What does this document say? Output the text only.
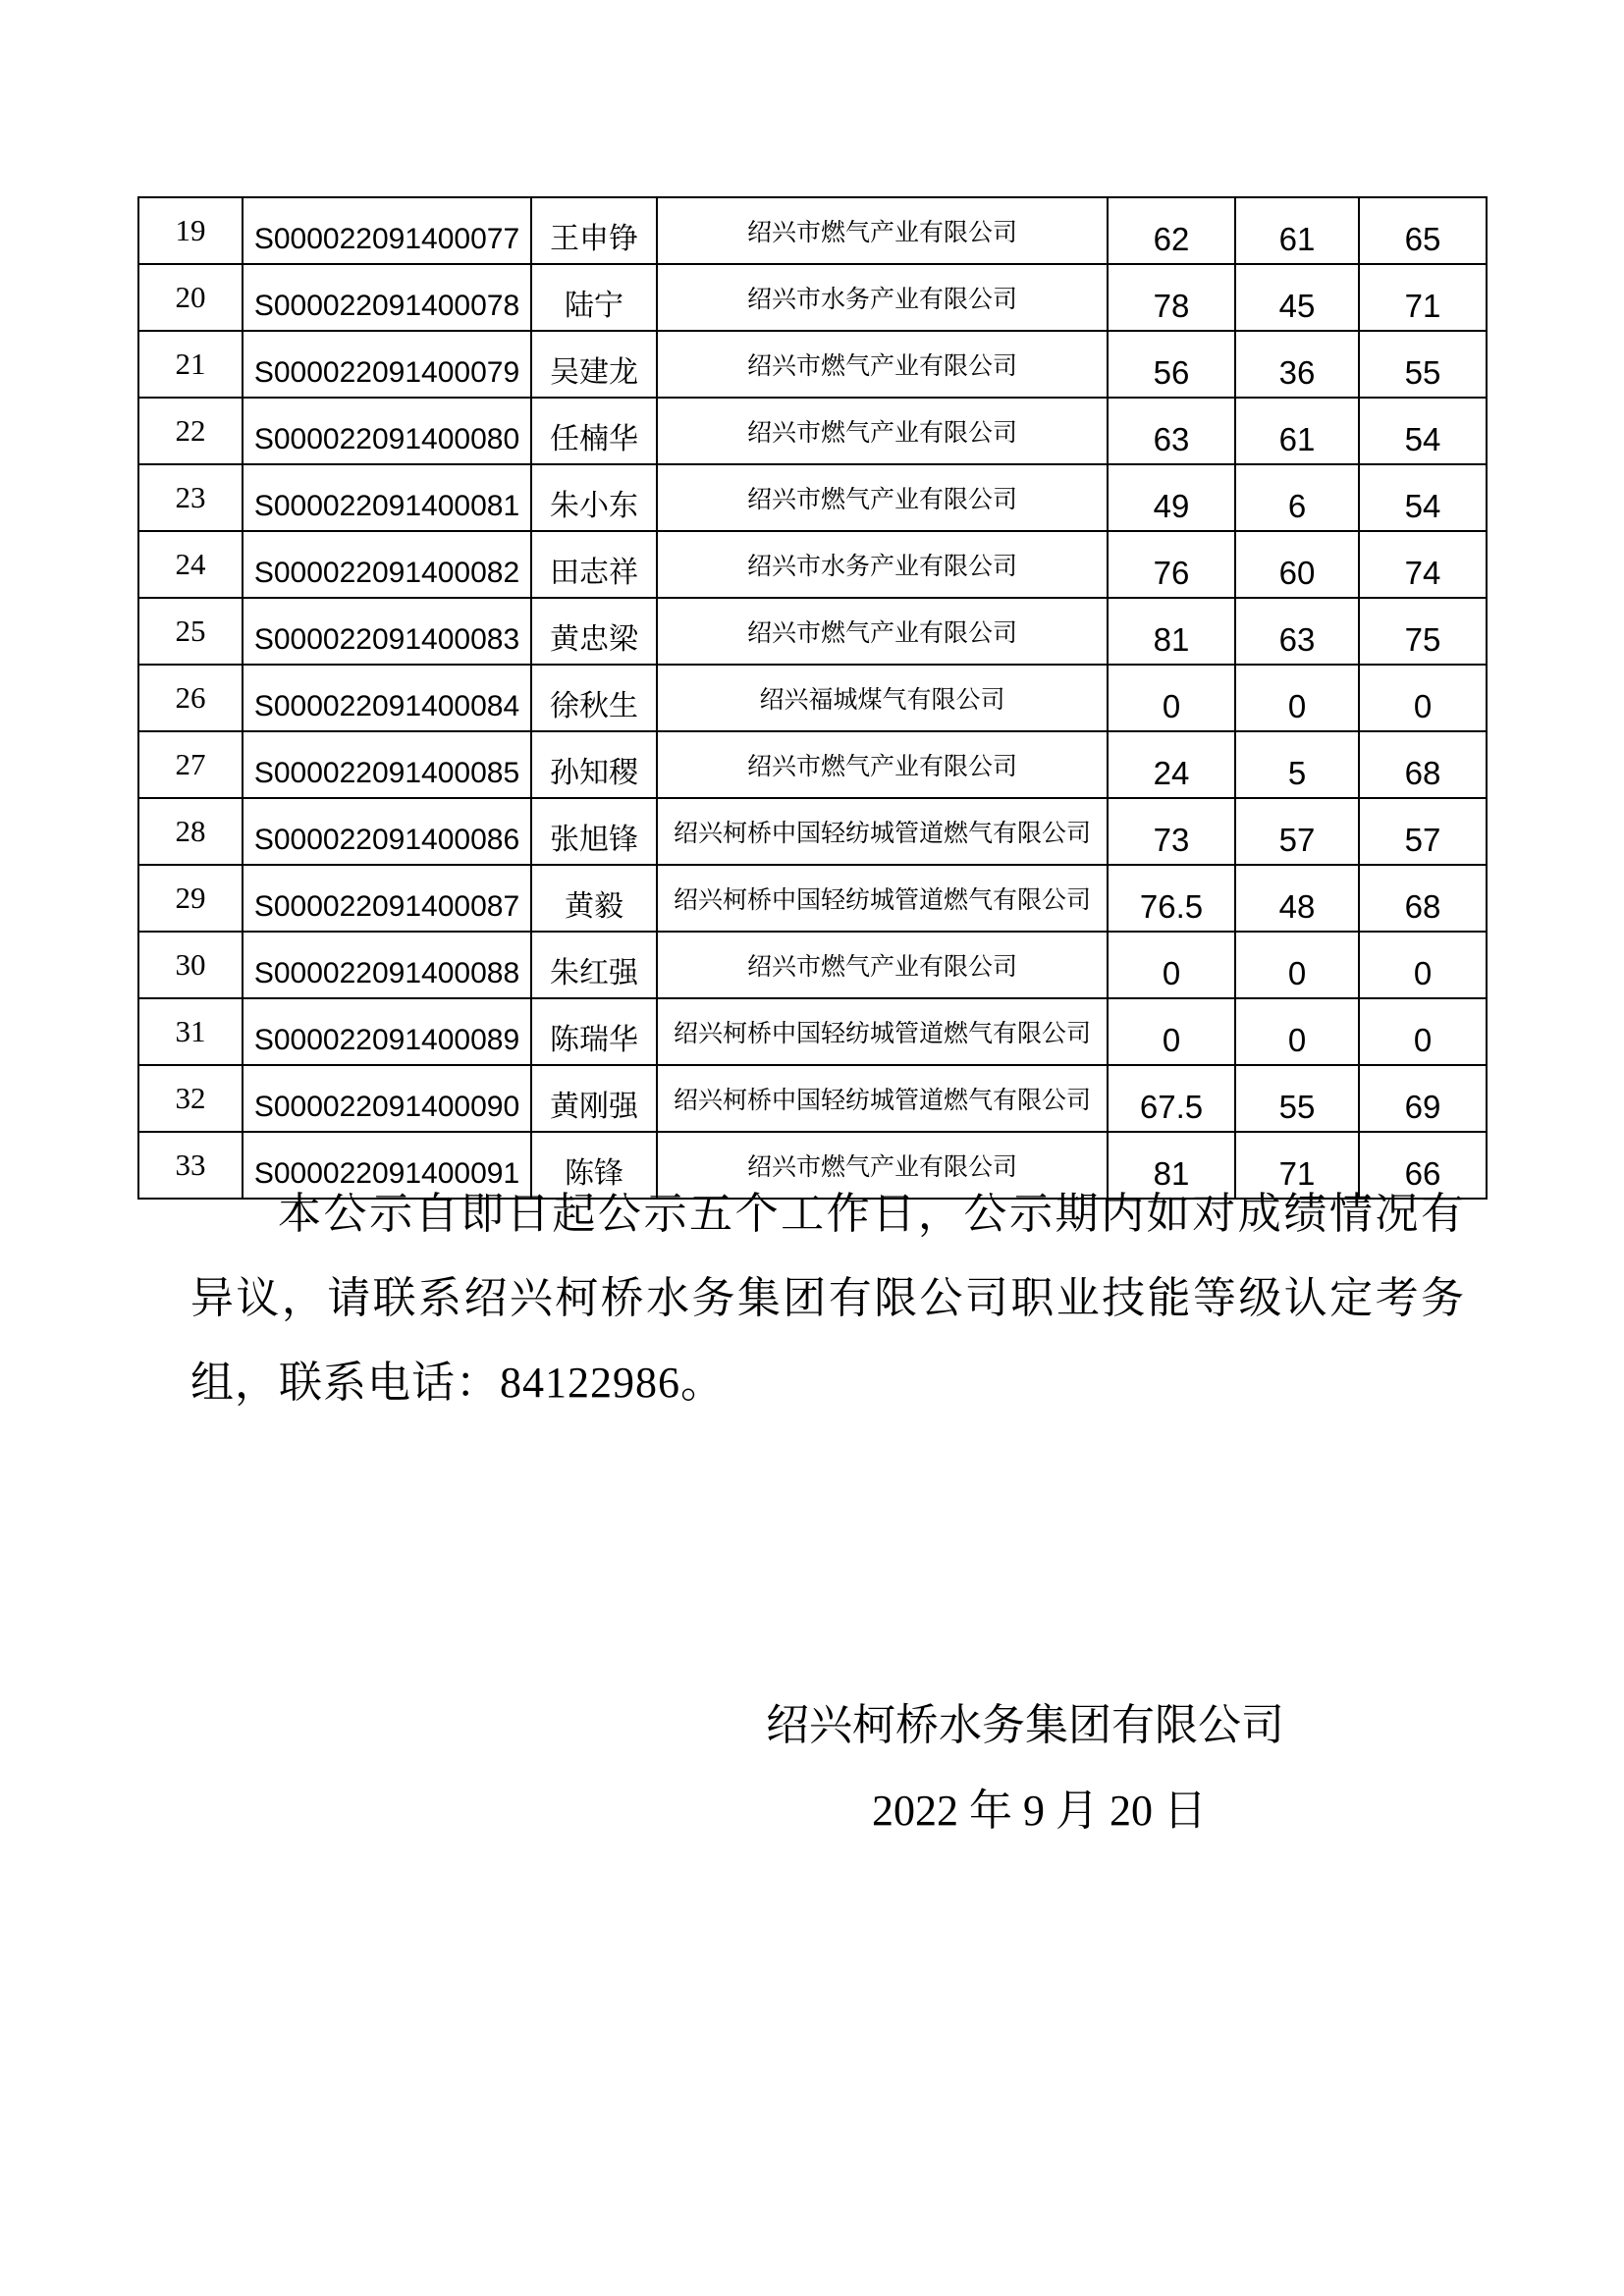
19	S000022091400077	王申铮	绍兴市燃气产业有限公司	62	61	65
20	S000022091400078	陆宁	绍兴市水务产业有限公司	78	45	71
21	S000022091400079	吴建龙	绍兴市燃气产业有限公司	56	36	55
22	S000022091400080	任楠华	绍兴市燃气产业有限公司	63	61	54
23	S000022091400081	朱小东	绍兴市燃气产业有限公司	49	6	54
24	S000022091400082	田志祥	绍兴市水务产业有限公司	76	60	74
25	S000022091400083	黄忠梁	绍兴市燃气产业有限公司	81	63	75
26	S000022091400084	徐秋生	绍兴福城煤气有限公司	0	0	0
27	S000022091400085	孙知稷	绍兴市燃气产业有限公司	24	5	68
28	S000022091400086	张旭锋	绍兴柯桥中国轻纺城管道燃气有限公司	73	57	57
29	S000022091400087	黄毅	绍兴柯桥中国轻纺城管道燃气有限公司	76.5	48	68
30	S000022091400088	朱红强	绍兴市燃气产业有限公司	0	0	0
31	S000022091400089	陈瑞华	绍兴柯桥中国轻纺城管道燃气有限公司	0	0	0
32	S000022091400090	黄刚强	绍兴柯桥中国轻纺城管道燃气有限公司	67.5	55	69
33	S000022091400091	陈锋	绍兴市燃气产业有限公司	81	71	66
本公示自即日起公示五个工作日，公示期内如对成绩情况有
异议，请联系绍兴柯桥水务集团有限公司职业技能等级认定考务
组，联系电话：84122986。
绍兴柯桥水务集团有限公司
2022 年 9 月 20 日
